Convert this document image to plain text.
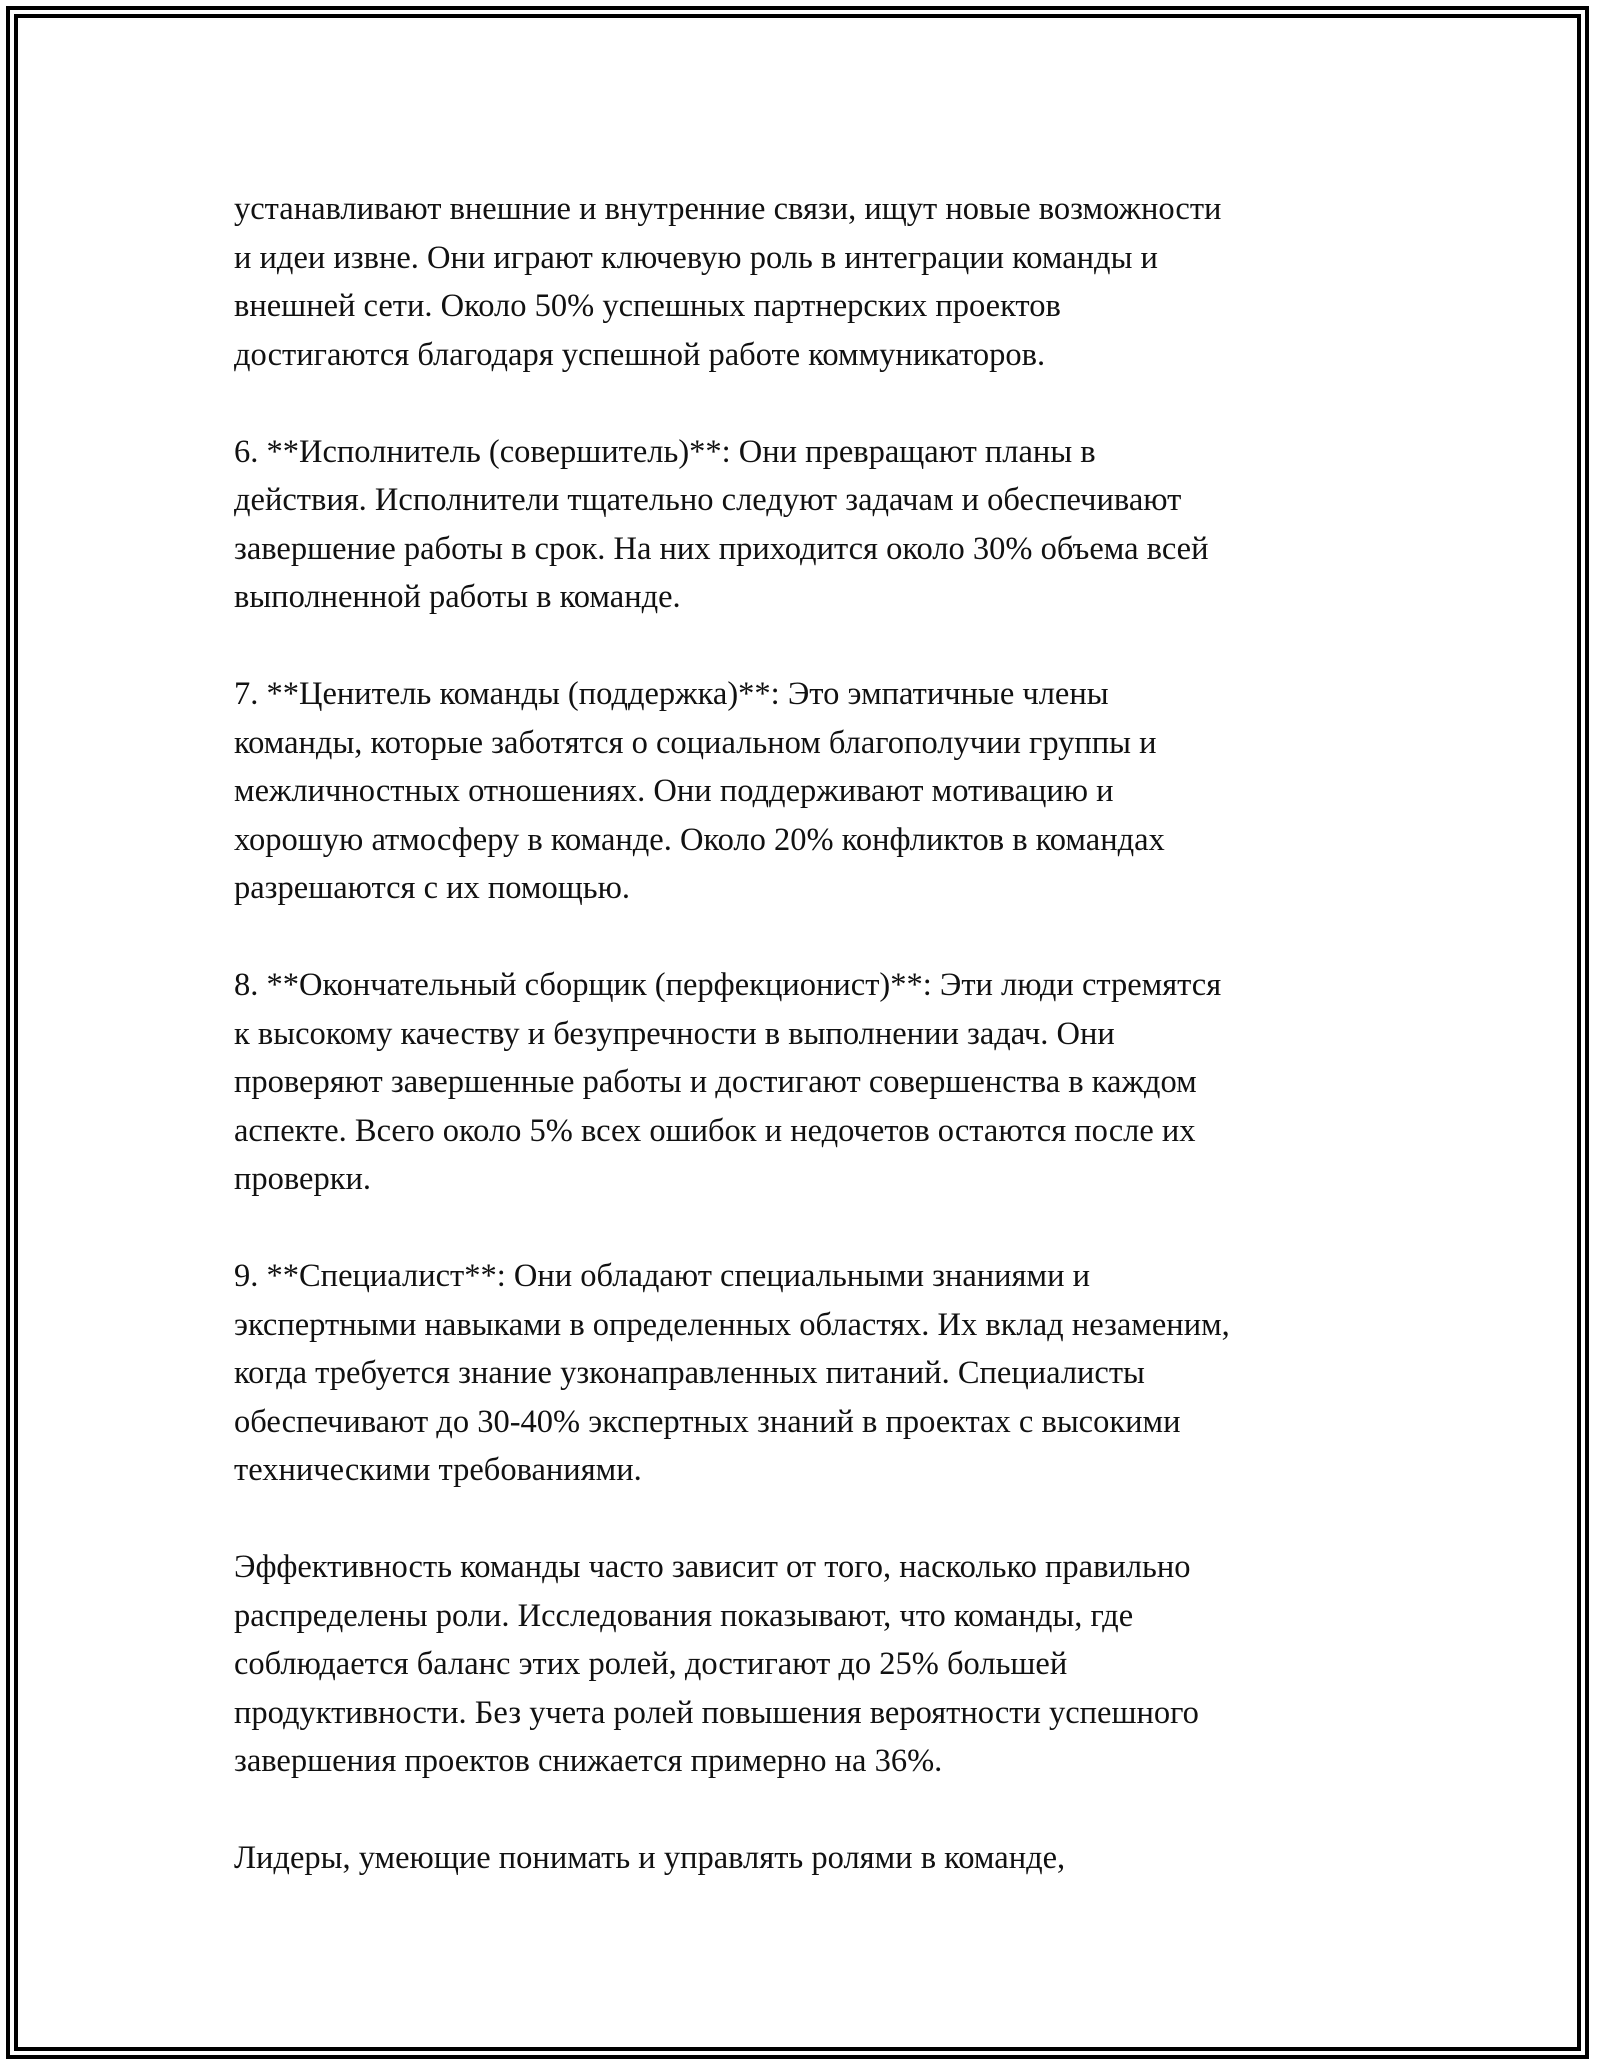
устанавливают внешние и внутренние связи, ищут новые возможности
и идеи извне. Они играют ключевую роль в интеграции команды и
внешней сети. Около 50% успешных партнерских проектов
достигаются благодаря успешной работе коммуникаторов.

6. **Исполнитель (совершитель)**: Они превращают планы в
действия. Исполнители тщательно следуют задачам и обеспечивают
завершение работы в срок. На них приходится около 30% объема всей
выполненной работы в команде.

7. **Ценитель команды (поддержка)**: Это эмпатичные члены
команды, которые заботятся о социальном благополучии группы и
межличностных отношениях. Они поддерживают мотивацию и
хорошую атмосферу в команде. Около 20% конфликтов в командах
разрешаются с их помощью.

8. **Окончательный сборщик (перфекционист)**: Эти люди стремятся
к высокому качеству и безупречности в выполнении задач. Они
проверяют завершенные работы и достигают совершенства в каждом
аспекте. Всего около 5% всех ошибок и недочетов остаются после их
проверки.

9. **Специалист**: Они обладают специальными знаниями и
экспертными навыками в определенных областях. Их вклад незаменим,
когда требуется знание узконаправленных питаний. Специалисты
обеспечивают до 30-40% экспертных знаний в проектах с высокими
техническими требованиями.

Эффективность команды часто зависит от того, насколько правильно
распределены роли. Исследования показывают, что команды, где
соблюдается баланс этих ролей, достигают до 25% большей
продуктивности. Без учета ролей повышения вероятности успешного
завершения проектов снижается примерно на 36%.

Лидеры, умеющие понимать и управлять ролями в команде,
